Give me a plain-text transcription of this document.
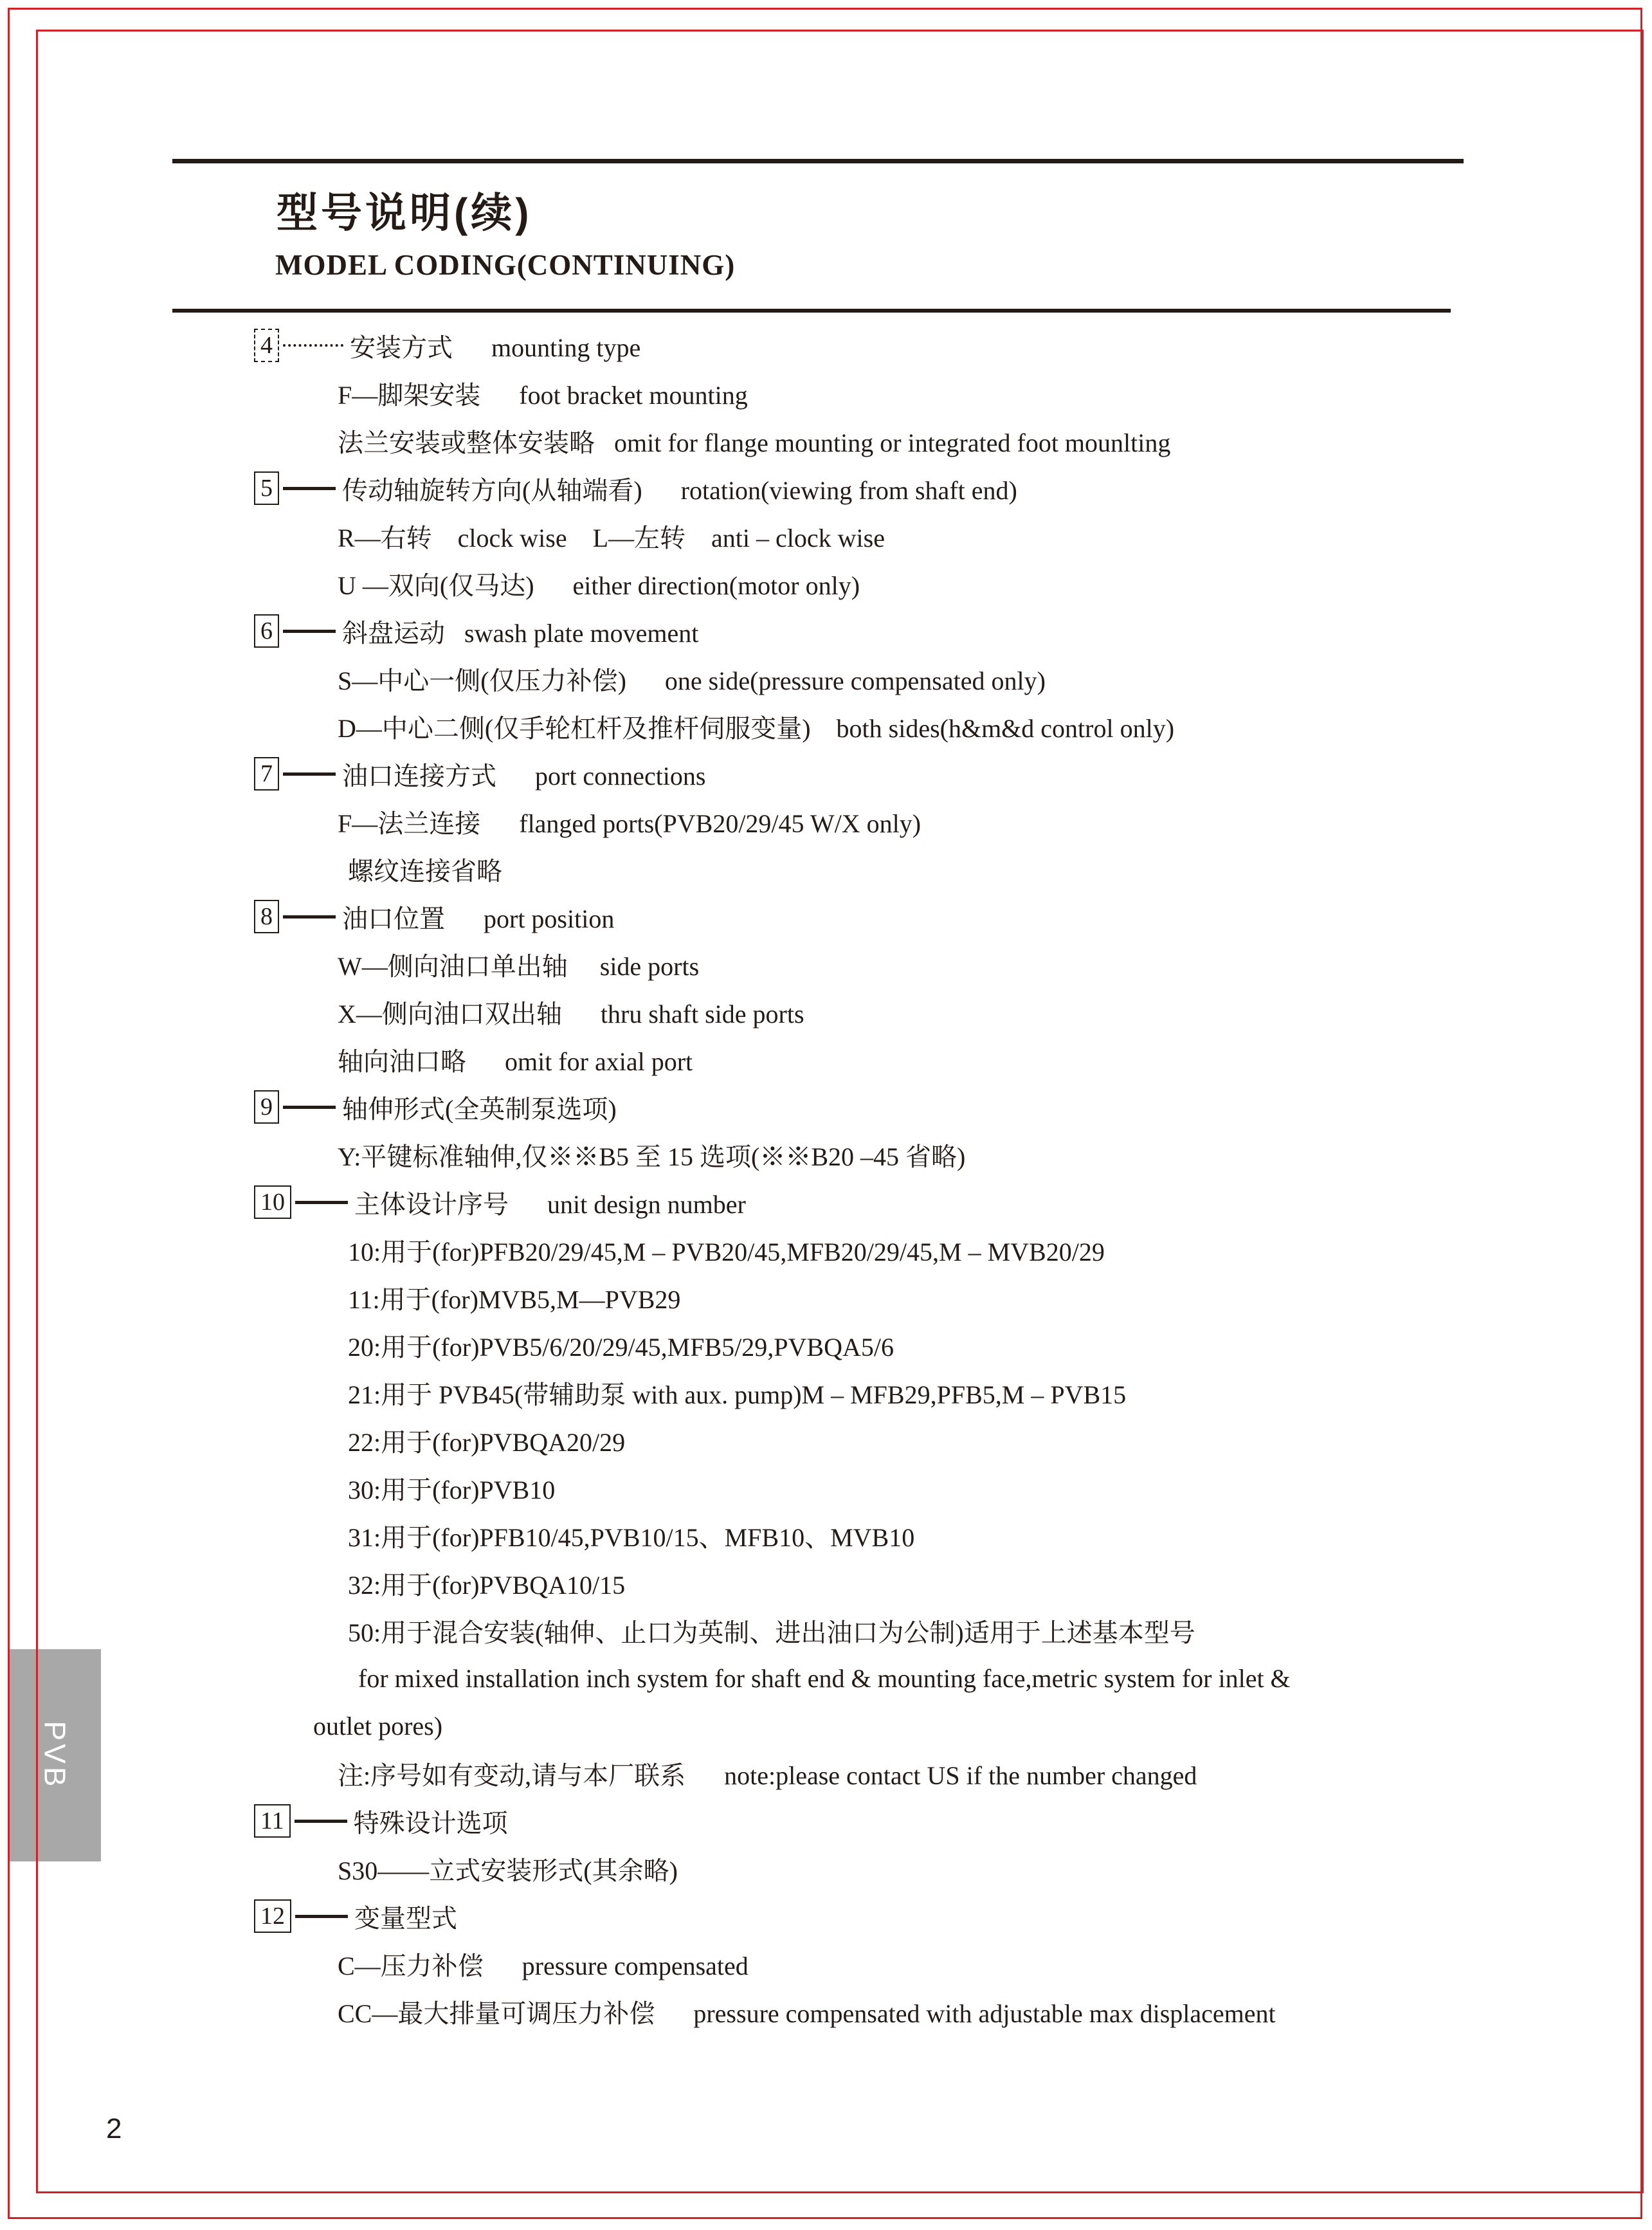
PVB
2
型号说明(续)
MODEL CODING(CONTINUING)
4	安装方式      mounting type
F—脚架安装      foot bracket mounting
法兰安装或整体安装略   omit for flange mounting or integrated foot mounlting
5	传动轴旋转方向(从轴端看)      rotation(viewing from shaft end)
R—右转    clock wise    L—左转    anti – clock wise
U —双向(仅马达)      either direction(motor only)
6	斜盘运动   swash plate movement
S—中心一侧(仅压力补偿)      one side(pressure compensated only)
D—中心二侧(仅手轮杠杆及推杆伺服变量)    both sides(h&m&d control only)
7	油口连接方式      port connections
F—法兰连接      flanged ports(PVB20/29/45 W/X only)
螺纹连接省略
8	油口位置      port position
W—侧向油口单出轴     side ports
X—侧向油口双出轴      thru shaft side ports
轴向油口略      omit for axial port
9	轴伸形式(全英制泵选项)
Y:平键标准轴伸,仅※※B5 至 15 选项(※※B20 –45 省略)
10	主体设计序号      unit design number
10:用于(for)PFB20/29/45,M – PVB20/45,MFB20/29/45,M – MVB20/29
11:用于(for)MVB5,M—PVB29
20:用于(for)PVB5/6/20/29/45,MFB5/29,PVBQA5/6
21:用于 PVB45(带辅助泵 with aux. pump)M – MFB29,PFB5,M – PVB15
22:用于(for)PVBQA20/29
30:用于(for)PVB10
31:用于(for)PFB10/45,PVB10/15、MFB10、MVB10
32:用于(for)PVBQA10/15
50:用于混合安装(轴伸、止口为英制、进出油口为公制)适用于上述基本型号
for mixed installation inch system for shaft end & mounting face,metric system for inlet &
outlet pores)
注:序号如有变动,请与本厂联系      note:please contact US if the number changed
11	特殊设计选项
S30——立式安装形式(其余略)
12	变量型式
C—压力补偿      pressure compensated
CC—最大排量可调压力补偿      pressure compensated with adjustable max displacement
